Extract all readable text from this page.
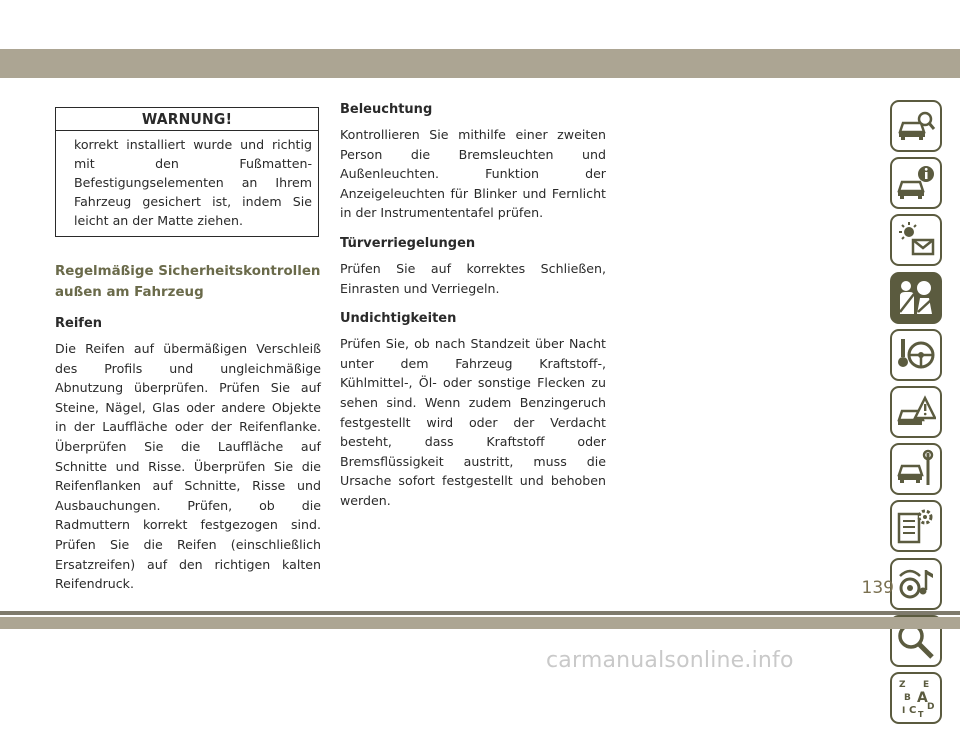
WARNUNG!
korrekt installiert wurde und richtig mit den Fußmatten-Befestigungselementen an Ihrem Fahrzeug gesichert ist, indem Sie leicht an der Matte ziehen.
Regelmäßige Sicherheitskontrollen außen am Fahrzeug
Reifen
Die Reifen auf übermäßigen Verschleiß des Profils und ungleichmäßige Abnutzung überprüfen. Prüfen Sie auf Steine, Nägel, Glas oder andere Objekte in der Lauffläche oder der Reifenflanke. Überprüfen Sie die Lauffläche auf Schnitte und Risse. Überprüfen Sie die Reifenflanken auf Schnitte, Risse und Ausbauchungen. Prüfen, ob die Radmuttern korrekt festgezogen sind. Prüfen Sie die Reifen (einschließlich Ersatzreifen) auf den richtigen kalten Reifendruck.
Beleuchtung
Kontrollieren Sie mithilfe einer zweiten Person die Bremsleuchten und Außenleuchten. Funktion der Anzeigeleuchten für Blinker und Fernlicht in der Instrumententafel prüfen.
Türverriegelungen
Prüfen Sie auf korrektes Schließen, Einrasten und Verriegeln.
Undichtigkeiten
Prüfen Sie, ob nach Standzeit über Nacht unter dem Fahrzeug Kraftstoff-, Kühlmittel-, Öl- oder sonstige Flecken zu sehen sind. Wenn zudem Benzingeruch festgestellt wird oder der Verdacht besteht, dass Kraftstoff oder Bremsflüssigkeit austritt, muss die Ursache sofort festgestellt und behoben werden.
Z E
B A
I C D
T
139
carmanualsonline.info
